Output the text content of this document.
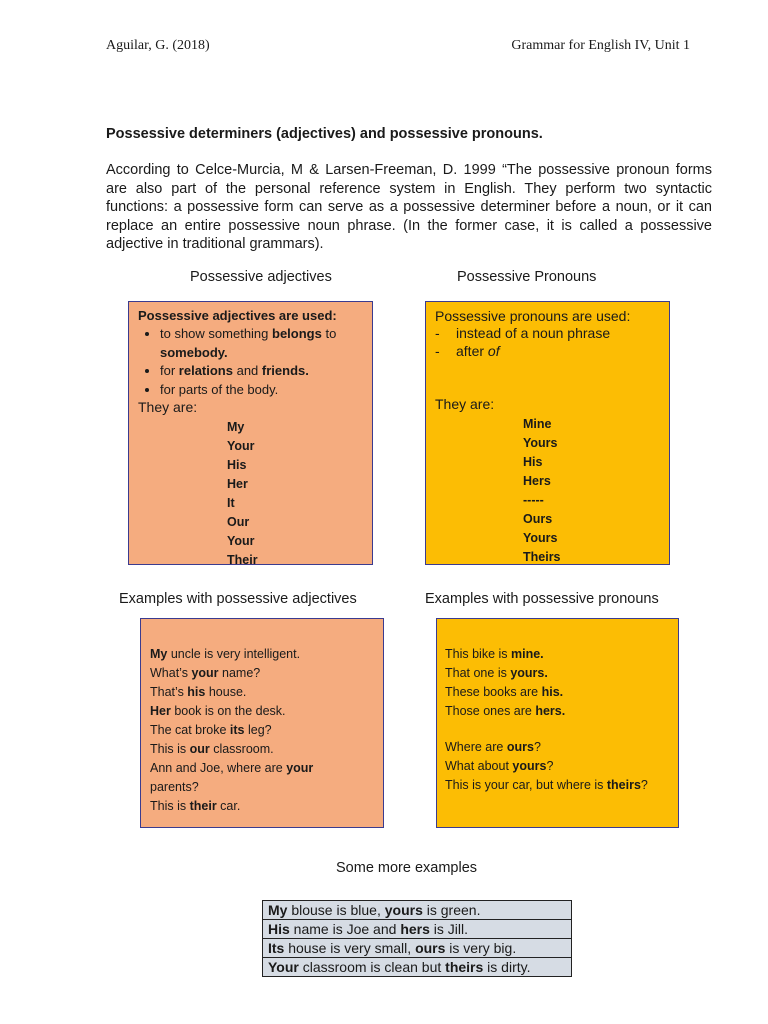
Aguilar, G. (2018)	Grammar for English IV, Unit 1
Possessive determiners (adjectives) and possessive pronouns.

According to Celce-Murcia, M & Larsen-Freeman, D. 1999 “The possessive pronoun forms are also part of the personal reference system in English. They perform two syntactic functions: a possessive form can serve as a possessive determiner before a noun, or it can replace an entire possessive noun phrase. (In the former case, it is called a possessive adjective in traditional grammars).

Possessive adjectives	Possessive Pronouns

Possessive adjectives are used:

• to show something belongs to somebody.
• for relations and friends.
• for parts of the body.

They are:

My
Your
His
Her
It
Our
Your
Their

Possessive pronouns are used:

- instead of a noun phrase
- after of

They are:

Mine
Yours
His
Hers
-----
Ours
Yours
Theirs
Examples with possessive adjectives	Examples with possessive pronouns
My uncle is very intelligent.
What’s your name?
That’s his house.
Her book is on the desk.
The cat broke its leg?
This is our classroom.
Ann and Joe, where are your
parents?
This is their car.
This bike is mine.
That one is yours.
These books are his.
Those ones are hers.
Where are ours?
What about yours?
This is your car, but where is theirs?
Some more examples
My blouse is blue, yours is green.
His name is Joe and hers is Jill.
Its house is very small, ours is very big.
Your classroom is clean but theirs is dirty.
